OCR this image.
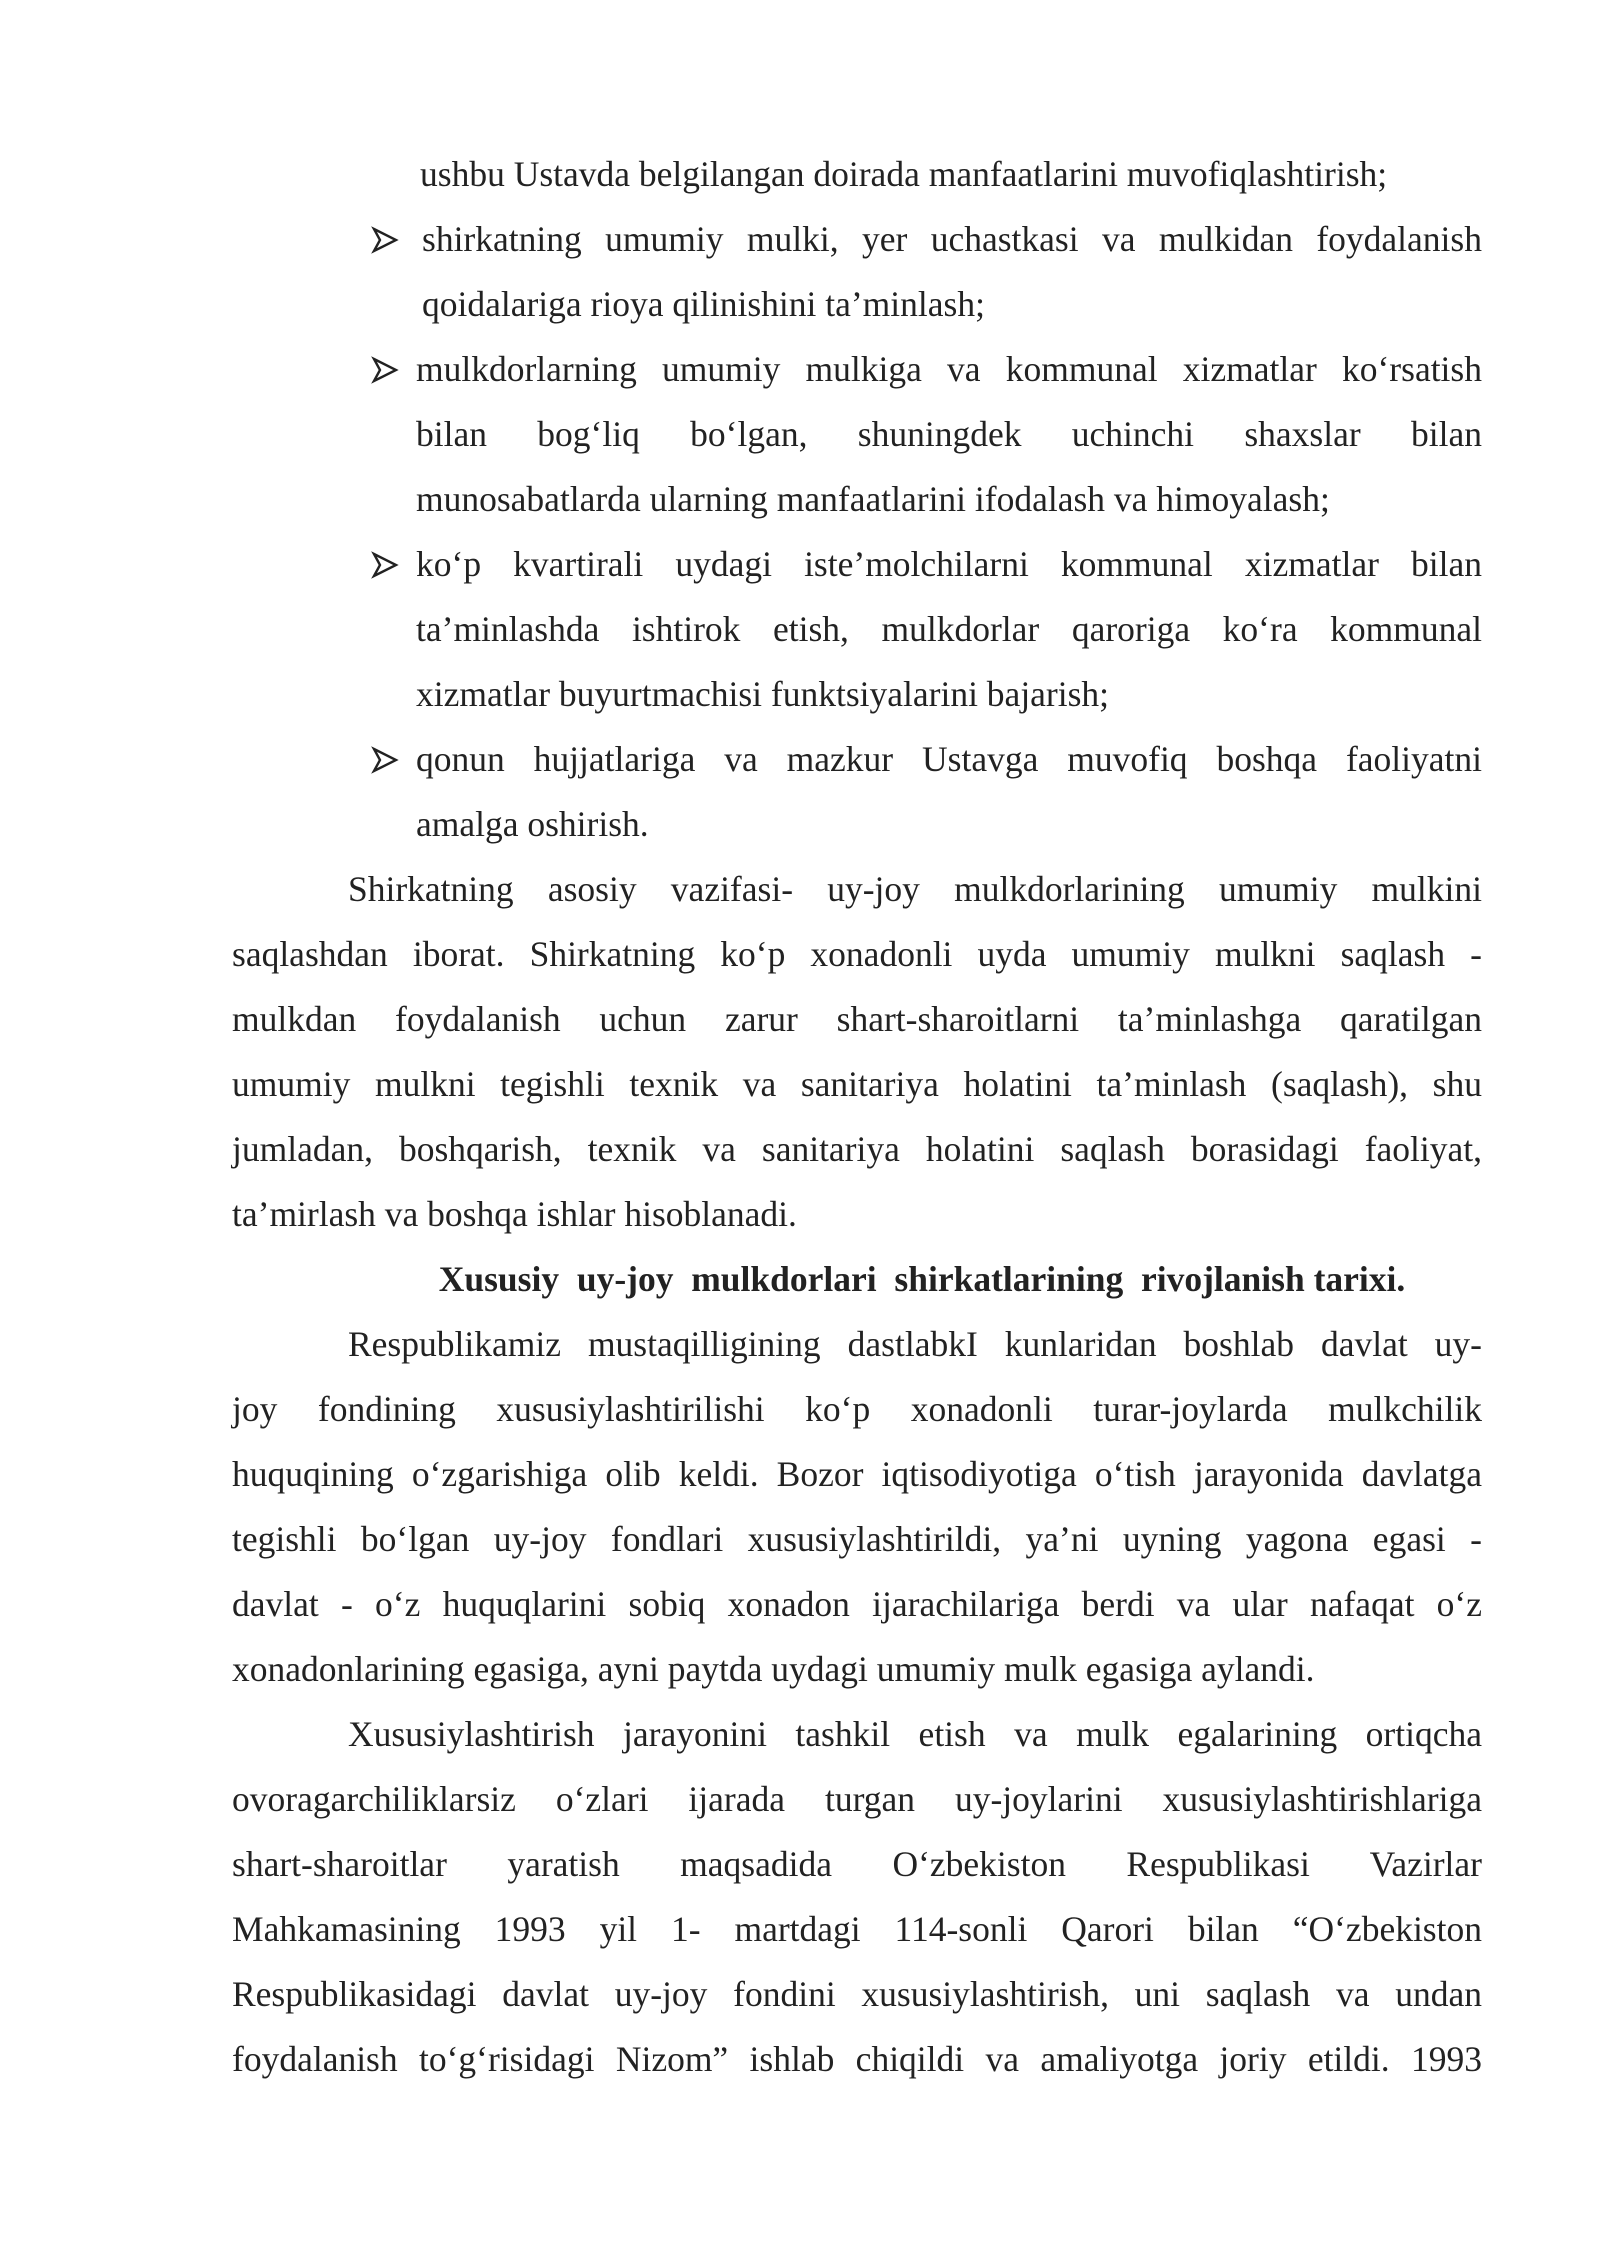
ushbu Ustavda belgilangan doirada manfaatlarini muvofiqlashtirish;
shirkatning umumiy mulki, yer uchastkasi va mulkidan foydalanish
qoidalariga rioya qilinishini ta’minlash;
mulkdorlarning umumiy mulkiga va kommunal xizmatlar ko‘rsatish
bilan bog‘liq bo‘lgan, shuningdek uchinchi shaxslar bilan
munosabatlarda ularning manfaatlarini ifodalash va himoyalash;
ko‘p kvartirali uydagi iste’molchilarni kommunal xizmatlar bilan
ta’minlashda ishtirok etish, mulkdorlar qaroriga ko‘ra kommunal
xizmatlar buyurtmachisi funktsiyalarini bajarish;
qonun hujjatlariga va mazkur Ustavga muvofiq boshqa faoliyatni
amalga oshirish.
Shirkatning asosiy vazifasi- uy-joy mulkdorlarining umumiy mulkini
saqlashdan iborat. Shirkatning ko‘p xonadonli uyda umumiy mulkni saqlash -
mulkdan foydalanish uchun zarur shart-sharoitlarni ta’minlashga qaratilgan
umumiy mulkni tegishli texnik va sanitariya holatini ta’minlash (saqlash), shu
jumladan, boshqarish, texnik va sanitariya holatini saqlash borasidagi faoliyat,
ta’mirlash va boshqa ishlar hisoblanadi.
Xususiy  uy-joy  mulkdorlari  shirkatlarining  rivojlanish tarixi.
Respublikamiz mustaqilligining dastlabkI kunlaridan boshlab davlat uy-
joy fondining xususiylashtirilishi ko‘p xonadonli turar-joylarda mulkchilik
huquqining o‘zgarishiga olib keldi. Bozor iqtisodiyotiga o‘tish jarayonida davlatga
tegishli bo‘lgan uy-joy fondlari xususiylashtirildi, ya’ni uyning yagona egasi -
davlat - o‘z huquqlarini sobiq xonadon ijarachilariga berdi va ular nafaqat o‘z
xonadonlarining egasiga, ayni paytda uydagi umumiy mulk egasiga aylandi.
Xususiylashtirish jarayonini tashkil etish va mulk egalarining ortiqcha
ovoragarchiliklarsiz o‘zlari ijarada turgan uy-joylarini xususiylashtirishlariga
shart-sharoitlar yaratish maqsadida O‘zbekiston Respublikasi Vazirlar
Mahkamasining 1993 yil 1- martdagi 114-sonli Qarori bilan “O‘zbekiston
Respublikasidagi davlat uy-joy fondini xususiylashtirish, uni saqlash va undan
foydalanish to‘g‘risidagi Nizom” ishlab chiqildi va amaliyotga joriy etildi. 1993
